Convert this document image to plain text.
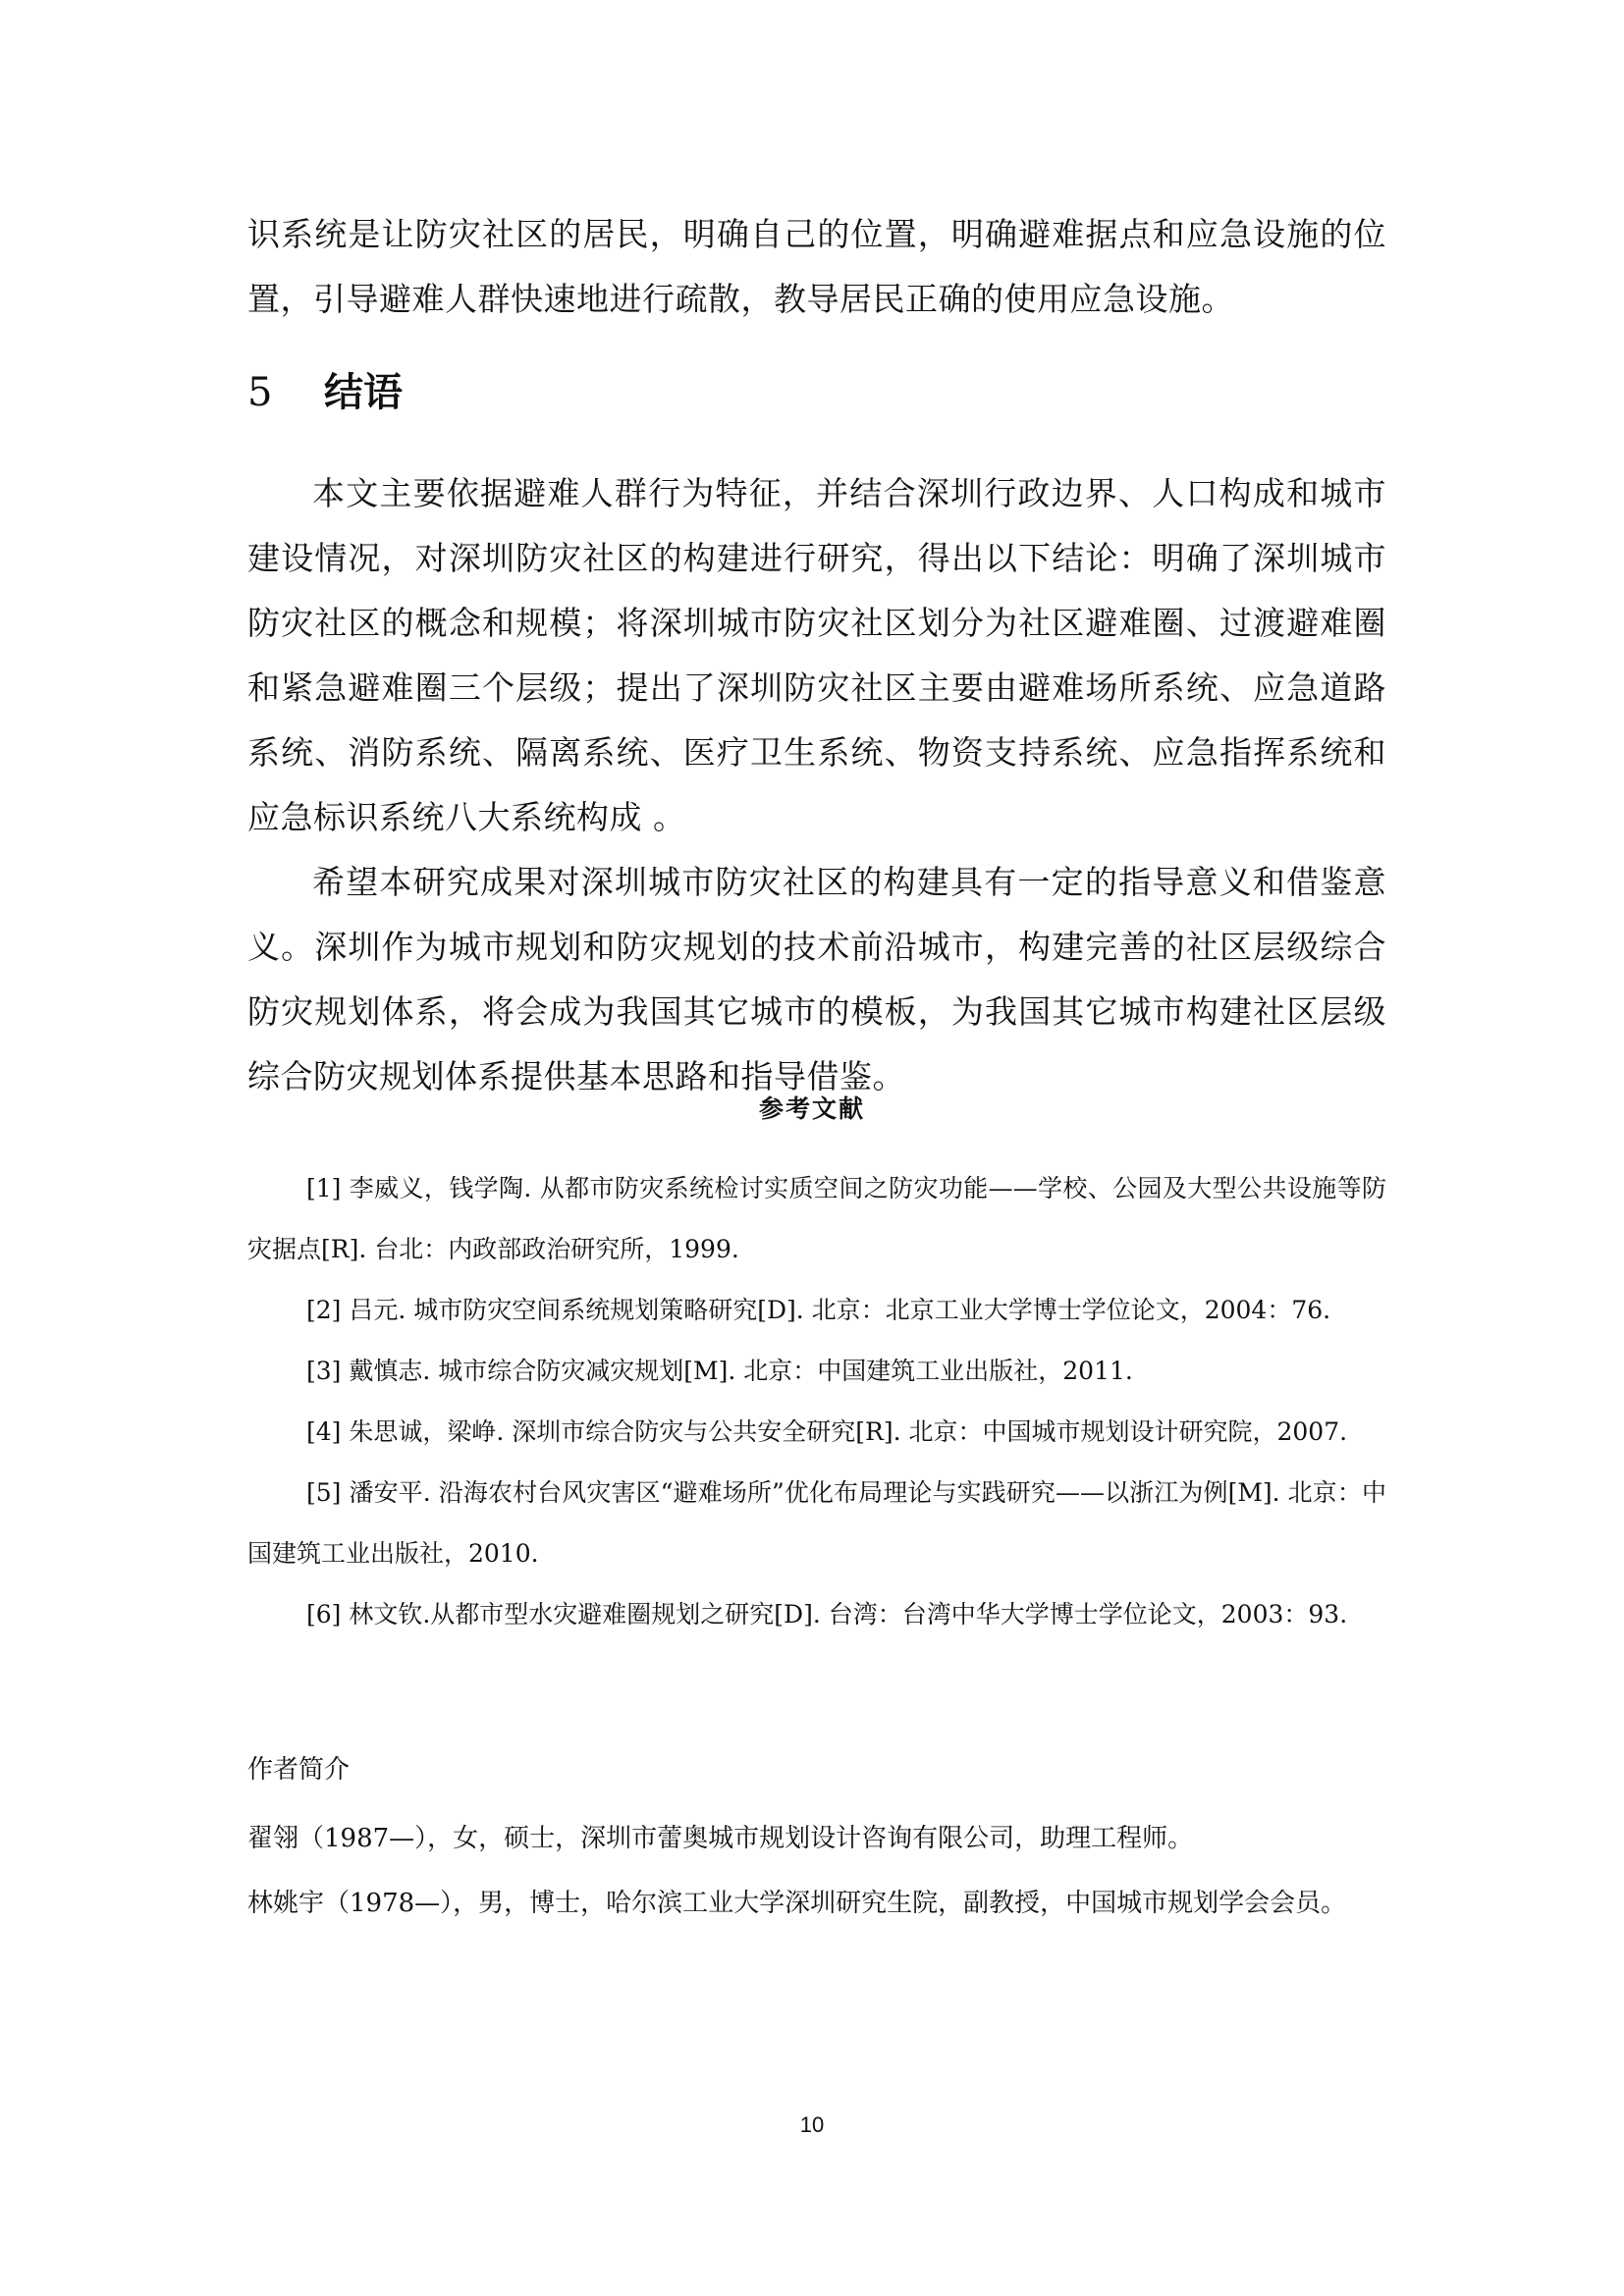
识系统是让防灾社区的居民，明确自己的位置，明确避难据点和应急设施的位置，引导避难人群快速地进行疏散，教导居民正确的使用应急设施。

5 结语

本文主要依据避难人群行为特征，并结合深圳行政边界、人口构成和城市建设情况，对深圳防灾社区的构建进行研究，得出以下结论：明确了深圳城市防灾社区的概念和规模；将深圳城市防灾社区划分为社区避难圈、过渡避难圈和紧急避难圈三个层级；提出了深圳防灾社区主要由避难场所系统、应急道路系统、消防系统、隔离系统、医疗卫生系统、物资支持系统、应急指挥系统和应急标识系统八大系统构成 。

希望本研究成果对深圳城市防灾社区的构建具有一定的指导意义和借鉴意义。深圳作为城市规划和防灾规划的技术前沿城市，构建完善的社区层级综合防灾规划体系，将会成为我国其它城市的模板，为我国其它城市构建社区层级综合防灾规划体系提供基本思路和指导借鉴。

参考文献
[1] 李威义，钱学陶. 从都市防灾系统检讨实质空间之防灾功能——学校、公园及大型公共设施等防灾据点[R]. 台北：内政部政治研究所，1999.
[2] 吕元. 城市防灾空间系统规划策略研究[D]. 北京：北京工业大学博士学位论文，2004：76.
[3] 戴慎志. 城市综合防灾减灾规划[M]. 北京：中国建筑工业出版社，2011.
[4] 朱思诚，梁峥. 深圳市综合防灾与公共安全研究[R]. 北京：中国城市规划设计研究院，2007.
[5] 潘安平. 沿海农村台风灾害区“避难场所”优化布局理论与实践研究——以浙江为例[M]. 北京：中国建筑工业出版社，2010.
[6] 林文钦.从都市型水灾避难圈规划之研究[D]. 台湾：台湾中华大学博士学位论文，2003：93.

作者简介

翟翎（1987—），女，硕士，深圳市蕾奥城市规划设计咨询有限公司，助理工程师。

林姚宇（1978—），男，博士，哈尔滨工业大学深圳研究生院，副教授，中国城市规划学会会员。

10
